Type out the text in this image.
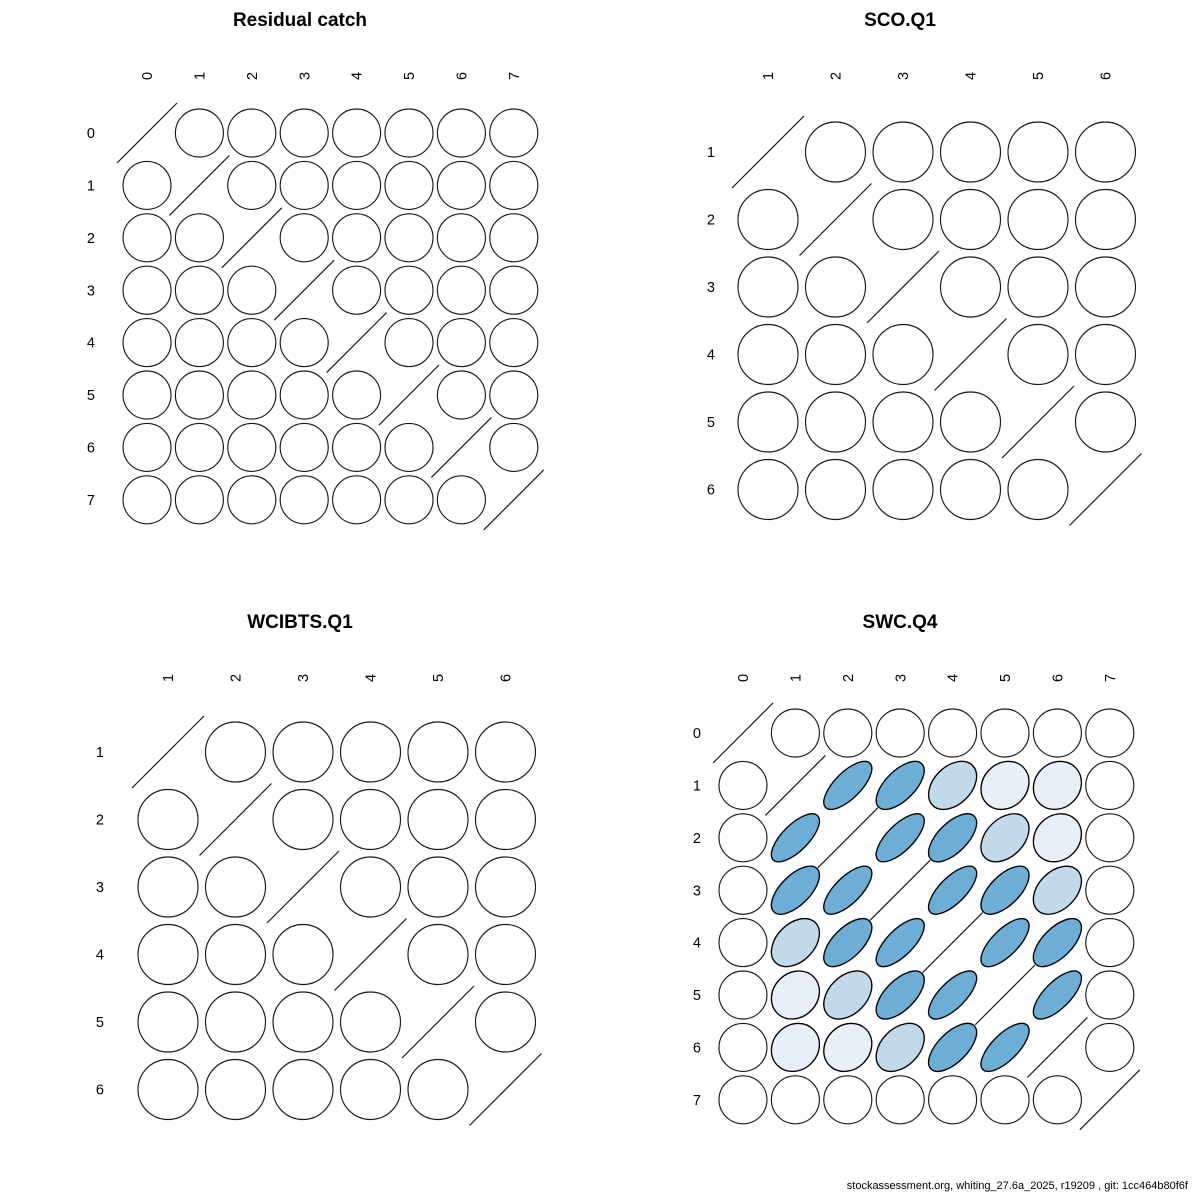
Residual catch
0	1	2	3	4	5	6	7
0
1
2
3
4
5
6
7
SCO.Q1
1	2	3	4	5	6
1
2
3
4
5
6
WCIBTS.Q1
1	2	3	4	5	6
1
2
3
4
5
6
SWC.Q4
0	1	2	3	4	5	6	7
0
1
2
3
4
5
6
7
stockassessment.org, whiting_27.6a_2025, r19209 , git: 1cc464b80f6f
